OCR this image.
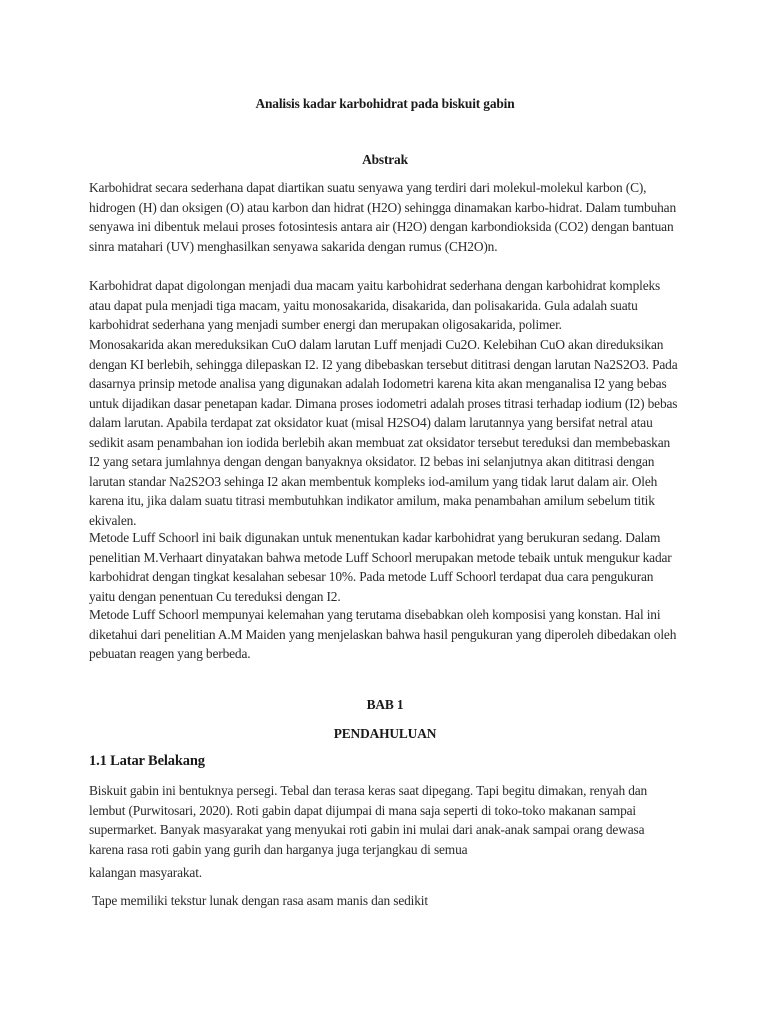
Analisis kadar karbohidrat pada biskuit gabin
Abstrak

Karbohidrat secara sederhana dapat diartikan suatu senyawa yang terdiri dari molekul-molekul karbon (C), hidrogen (H) dan oksigen (O) atau karbon dan hidrat (H2O) sehingga dinamakan karbo-hidrat. Dalam tumbuhan senyawa ini dibentuk melaui proses fotosintesis antara air (H2O) dengan karbondioksida (CO2) dengan bantuan sinra matahari (UV) menghasilkan senyawa sakarida dengan rumus (CH2O)n.

Karbohidrat dapat digolongan menjadi dua macam yaitu karbohidrat sederhana dengan karbohidrat kompleks atau dapat pula menjadi tiga macam, yaitu monosakarida, disakarida, dan polisakarida. Gula adalah suatu karbohidrat sederhana yang menjadi sumber energi dan merupakan oligosakarida, polimer.

Monosakarida akan mereduksikan CuO dalam larutan Luff menjadi Cu2O. Kelebihan CuO akan direduksikan dengan KI berlebih, sehingga dilepaskan I2. I2 yang dibebaskan tersebut dititrasi dengan larutan Na2S2O3. Pada dasarnya prinsip metode analisa yang digunakan adalah Iodometri karena kita akan menganalisa I2 yang bebas untuk dijadikan dasar penetapan kadar. Dimana proses iodometri adalah proses titrasi terhadap iodium (I2) bebas dalam larutan. Apabila terdapat zat oksidator kuat (misal H2SO4) dalam larutannya yang bersifat netral atau sedikit asam penambahan ion iodida berlebih akan membuat zat oksidator tersebut tereduksi dan membebaskan I2 yang setara jumlahnya dengan dengan banyaknya oksidator. I2 bebas ini selanjutnya akan dititrasi dengan larutan standar Na2S2O3 sehinga I2 akan membentuk kompleks iod-amilum yang tidak larut dalam air. Oleh karena itu, jika dalam suatu titrasi membutuhkan indikator amilum, maka penambahan amilum sebelum titik ekivalen.

Metode Luff Schoorl ini baik digunakan untuk menentukan kadar karbohidrat yang berukuran sedang. Dalam penelitian M.Verhaart dinyatakan bahwa metode Luff Schoorl merupakan metode tebaik untuk mengukur kadar karbohidrat dengan tingkat kesalahan sebesar 10%. Pada metode Luff Schoorl terdapat dua cara pengukuran yaitu dengan penentuan Cu tereduksi dengan I2.

Metode Luff Schoorl mempunyai kelemahan yang terutama disebabkan oleh komposisi yang konstan. Hal ini diketahui dari penelitian A.M Maiden yang menjelaskan bahwa hasil pengukuran yang diperoleh dibedakan oleh pebuatan reagen yang berbeda.

BAB 1
PENDAHULUAN
1.1 Latar Belakang

Biskuit gabin ini bentuknya persegi. Tebal dan terasa keras saat dipegang. Tapi begitu dimakan, renyah dan lembut (Purwitosari, 2020). Roti gabin dapat dijumpai di mana saja seperti di toko-toko makanan sampai supermarket. Banyak masyarakat yang menyukai roti gabin ini mulai dari anak-anak sampai orang dewasa karena rasa roti gabin yang gurih dan harganya juga terjangkau di semua

kalangan masyarakat.

Tape memiliki tekstur lunak dengan rasa asam manis dan sedikit
